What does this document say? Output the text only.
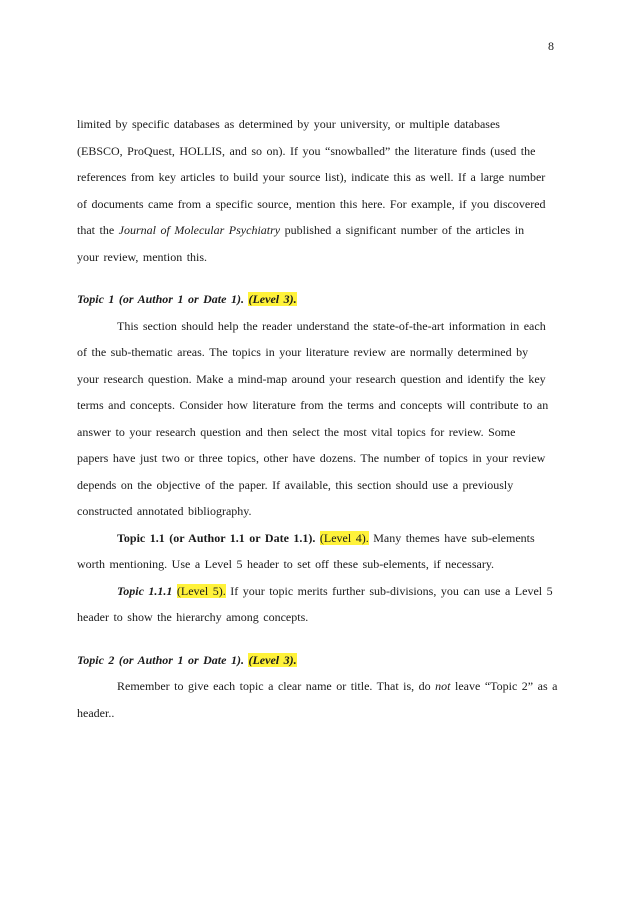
8
limited by specific databases as determined by your university, or multiple databases
(EBSCO, ProQuest, HOLLIS, and so on). If you “snowballed” the literature finds (used the
references from key articles to build your source list), indicate this as well. If a large number
of documents came from a specific source, mention this here. For example, if you discovered
that the Journal of Molecular Psychiatry published a significant number of the articles in
your review, mention this.
Topic 1 (or Author 1 or Date 1). (Level 3).
This section should help the reader understand the state-of-the-art information in each
of the sub-thematic areas. The topics in your literature review are normally determined by
your research question. Make a mind-map around your research question and identify the key
terms and concepts. Consider how literature from the terms and concepts will contribute to an
answer to your research question and then select the most vital topics for review. Some
papers have just two or three topics, other have dozens. The number of topics in your review
depends on the objective of the paper. If available, this section should use a previously
constructed annotated bibliography.
Topic 1.1 (or Author 1.1 or Date 1.1). (Level 4). Many themes have sub-elements
worth mentioning. Use a Level 5 header to set off these sub-elements, if necessary.
Topic 1.1.1 (Level 5). If your topic merits further sub-divisions, you can use a Level 5
header to show the hierarchy among concepts.
Topic 2 (or Author 1 or Date 1). (Level 3).
Remember to give each topic a clear name or title. That is, do not leave “Topic 2” as a
header..
